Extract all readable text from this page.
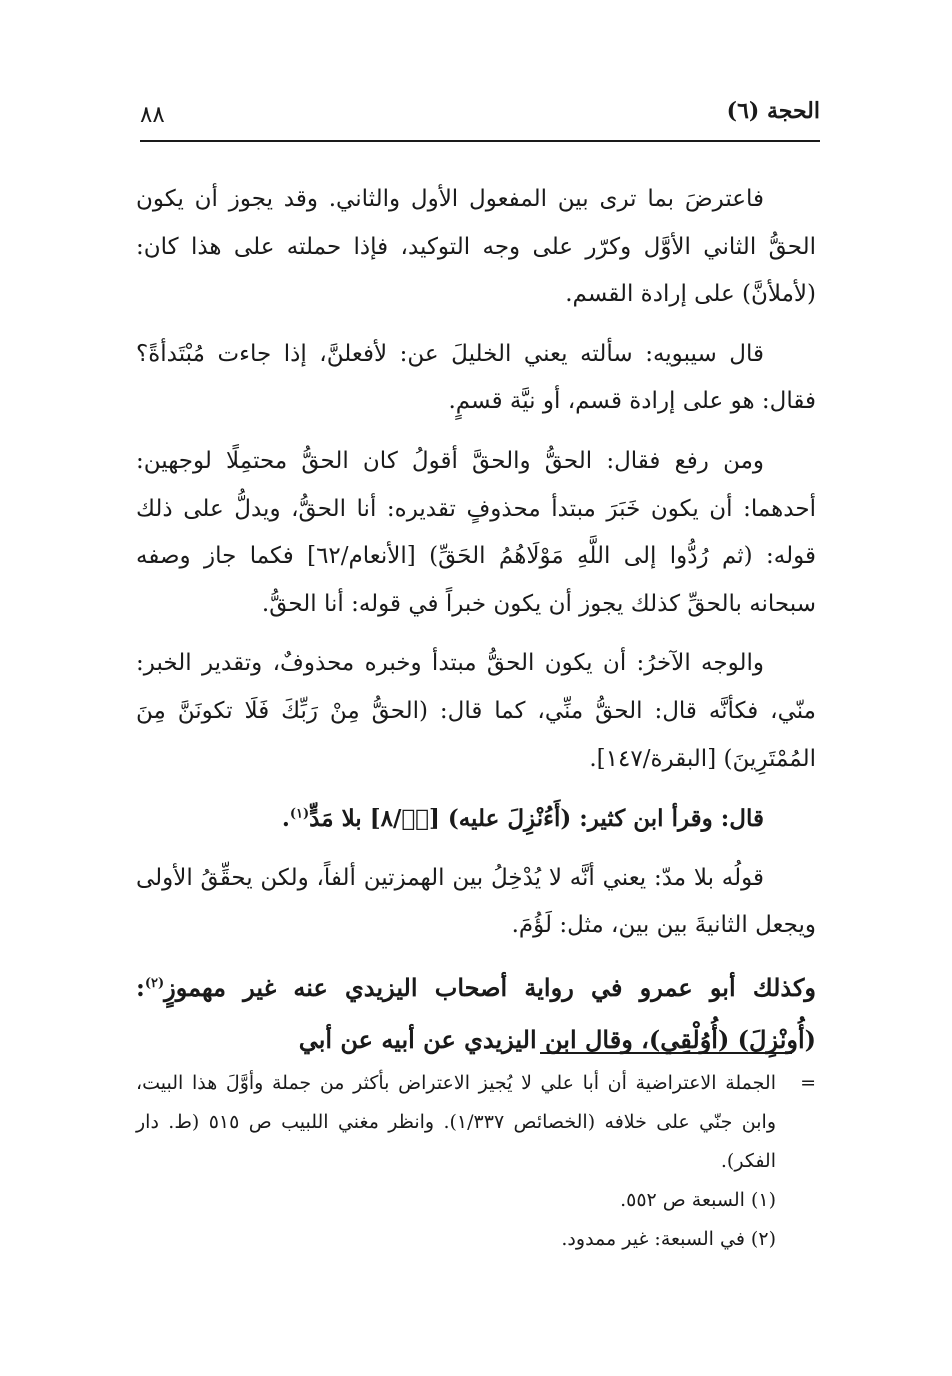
٨٨	الحجة (٦)

فاعترضَ بما ترى بين المفعول الأول والثاني. وقد يجوز أن يكون الحقُّ الثاني الأوَّل وكرّر على وجه التوكيد، فإذا حملته على هذا كان: (لأملأنَّ) على إرادة القسم.

قال سيبويه: سألته يعني الخليلَ عن: لأفعلنَّ، إذا جاءت مُبْتَدأةً؟ فقال: هو على إرادة قسم، أو نيَّة قسمٍ.

ومن رفع فقال: الحقُّ والحقَّ أقولُ كان الحقُّ محتمِلًا لوجهين: أحدهما: أن يكون خَبَرَ مبتدأ محذوفٍ تقديره: أنا الحقُّ، ويدلُّ على ذلك قوله: (ثم رُدُّوا إلى اللَّهِ مَوْلَاهُمُ الحَقِّ) [الأنعام/٦٢] فكما جاز وصفه سبحانه بالحقِّ كذلك يجوز أن يكون خبراً في قوله: أنا الحقُّ.

والوجه الآخرُ: أن يكون الحقُّ مبتدأ وخبره محذوفٌ، وتقدير الخبر: منّي، فكأنَّه قال: الحقُّ منِّي، كما قال: (الحقُّ مِنْ رَبِّكَ فَلَا تكونَنَّ مِنَ المُمْتَرِينَ) [البقرة/١٤٧].

قال: وقرأ ابن كثير: (أَءُنْزِلَ عليه) [صۤ/٨] بلا مَدٍّ$^{(١)}$.

قولُه بلا مدّ: يعني أنَّه لا يُدْخِلُ بين الهمزتين ألفاً، ولكن يحقِّقُ الأولى ويجعل الثانيةَ بين بين، مثل: لَؤُمَ.

وكذلك أبو عمرو في رواية أصحاب اليزيدي عنه غير مهموزٍ$^{(٢)}$: (أُونْزِلَ) (أُوُلْقِي)، وقال ابن اليزيدي عن أبيه عن أبي

=
الجملة الاعتراضية أن أبا علي لا يُجيز الاعتراض بأكثر من جملة وأوَّلَ هذا البيت، وابن جنّي على خلافه (الخصائص ١/٣٣٧). وانظر مغني اللبيب ص ٥١٥ (ط. دار الفكر).

(١) السبعة ص ٥٥٢.

(٢) في السبعة: غير ممدود.
